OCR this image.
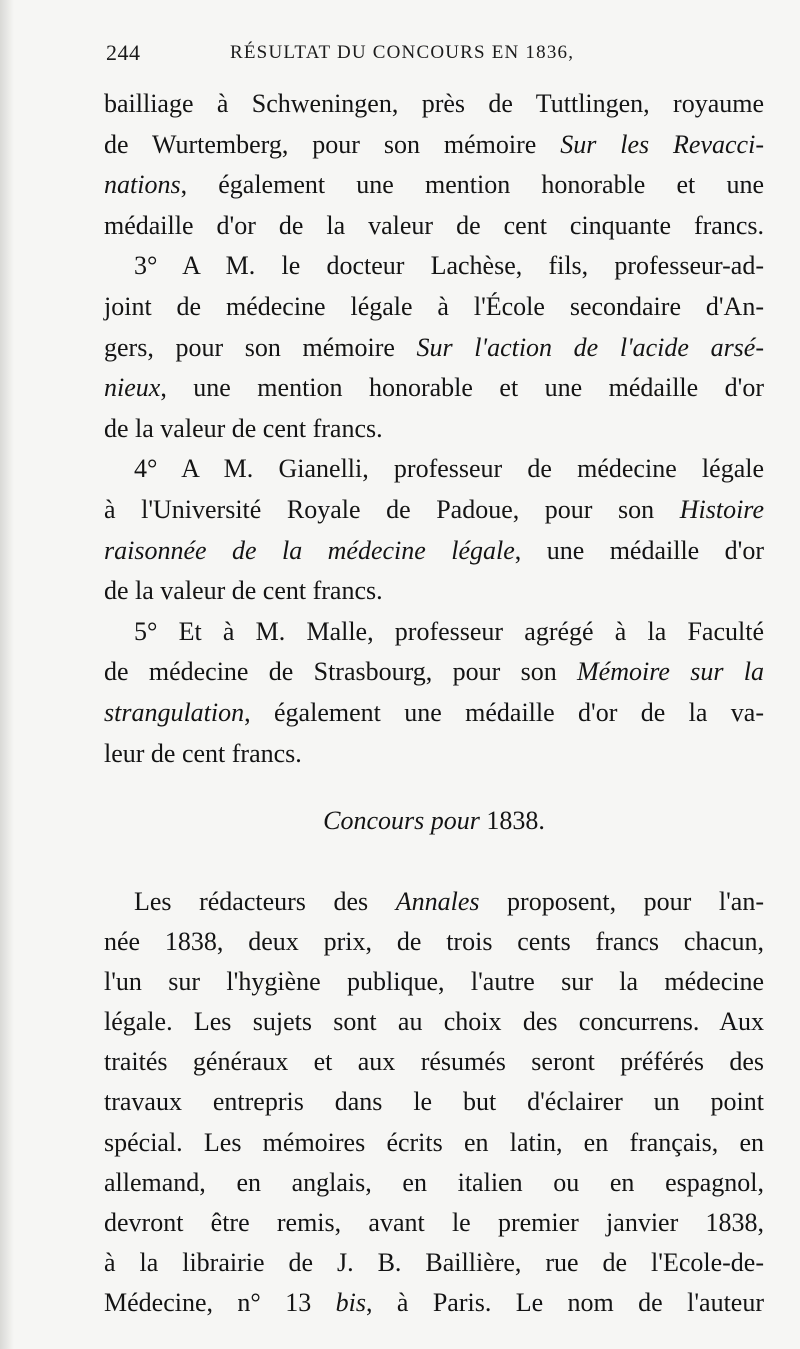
244	RÉSULTAT DU CONCOURS EN 1836,
bailliage à Schweningen, près de Tuttlingen, royaume
de Wurtemberg, pour son mémoire Sur les Revacci-
nations, également une mention honorable et une
médaille d'or de la valeur de cent cinquante francs.
3° A M. le docteur Lachèse, fils, professeur-ad-
joint de médecine légale à l'École secondaire d'An-
gers, pour son mémoire Sur l'action de l'acide arsé-
nieux, une mention honorable et une médaille d'or
de la valeur de cent francs.
4° A M. Gianelli, professeur de médecine légale
à l'Université Royale de Padoue, pour son Histoire
raisonnée de la médecine légale, une médaille d'or
de la valeur de cent francs.
5° Et à M. Malle, professeur agrégé à la Faculté
de médecine de Strasbourg, pour son Mémoire sur la
strangulation, également une médaille d'or de la va-
leur de cent francs.
Concours pour 1838.
Les rédacteurs des Annales proposent, pour l'an-
née 1838, deux prix, de trois cents francs chacun,
l'un sur l'hygiène publique, l'autre sur la médecine
légale. Les sujets sont au choix des concurrens. Aux
traités généraux et aux résumés seront préférés des
travaux entrepris dans le but d'éclairer un point
spécial. Les mémoires écrits en latin, en français, en
allemand, en anglais, en italien ou en espagnol,
devront être remis, avant le premier janvier 1838,
à la librairie de J. B. Baillière, rue de l'Ecole-de-
Médecine, n° 13 bis, à Paris. Le nom de l'auteur
